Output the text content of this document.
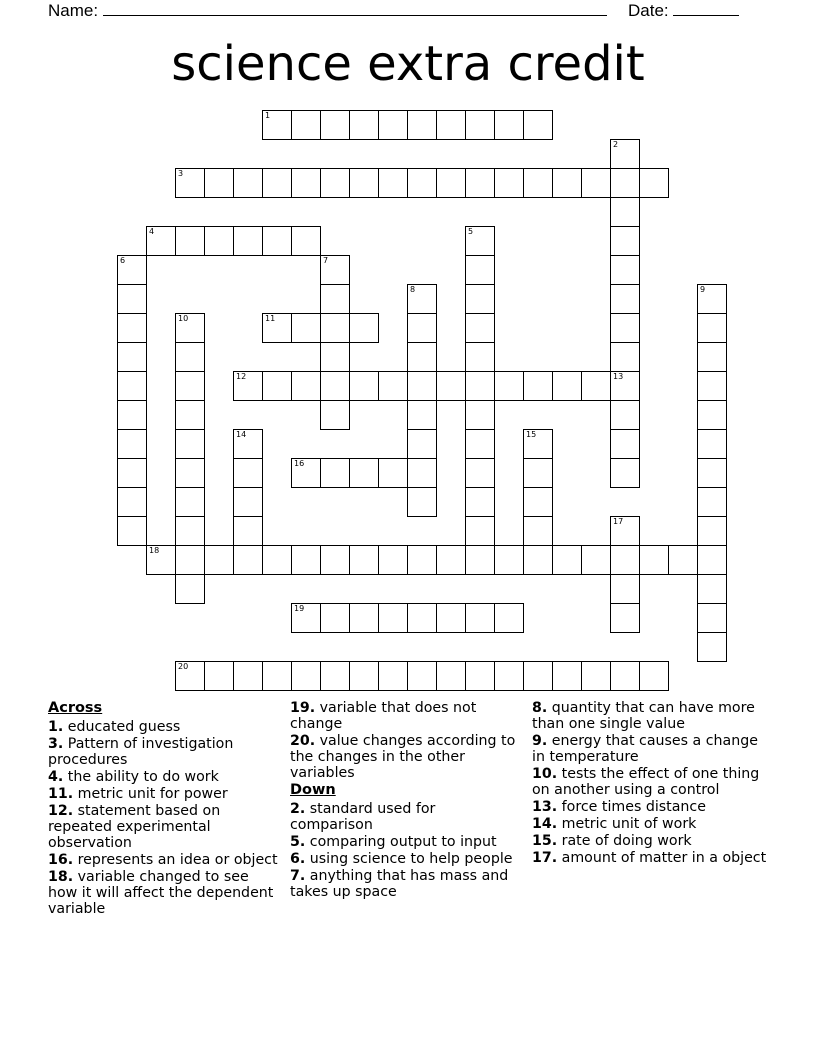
Name:	Date:
science extra credit
1
3
4
11
12
16
18
19
20
2
5
6	7
8	9
10
13
14	15
17
Across
1. educated guess
3. Pattern of investigation procedures
4. the ability to do work
11. metric unit for power
12. statement based on repeated experimental observation
16. represents an idea or object
18. variable changed to see how it will affect the dependent variable
19. variable that does not change
20. value changes according to the changes in the other variables
Down
2. standard used for comparison
5. comparing output to input
6. using science to help people
7. anything that has mass and takes up space
8. quantity that can have more than one single value
9. energy that causes a change in temperature
10. tests the effect of one thing on another using a control
13. force times distance
14. metric unit of work
15. rate of doing work
17. amount of matter in a object
